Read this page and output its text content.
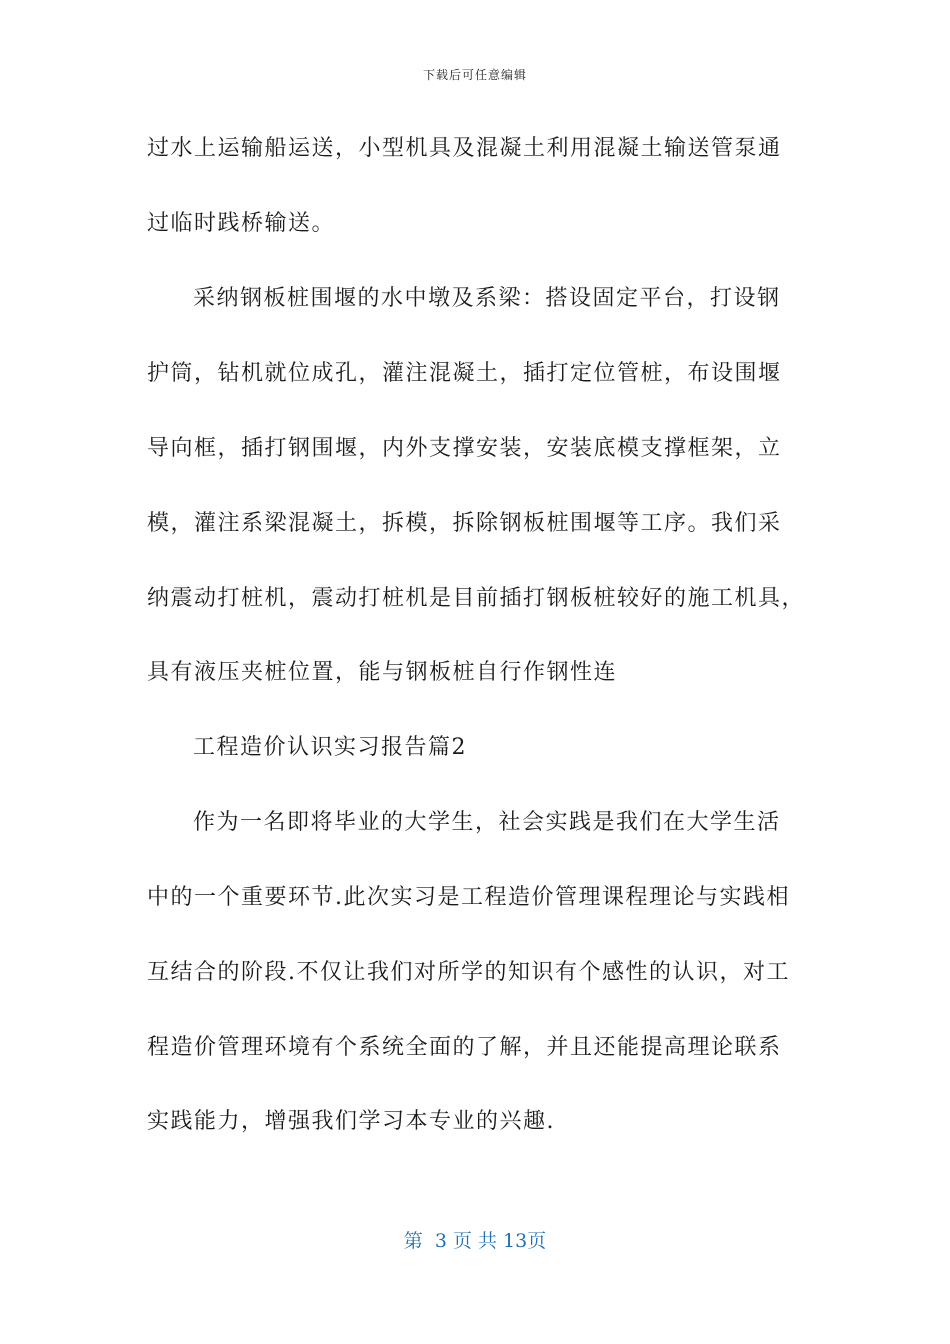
下载后可任意编辑
过水上运输船运送，小型机具及混凝土利用混凝土输送管泵通
过临时践桥输送。
采纳钢板桩围堰的水中墩及系梁：搭设固定平台，打设钢
护筒，钻机就位成孔，灌注混凝土，插打定位管桩，布设围堰
导向框，插打钢围堰，内外支撑安装，安装底模支撑框架，立
模，灌注系梁混凝土，拆模，拆除钢板桩围堰等工序。我们采
纳震动打桩机，震动打桩机是目前插打钢板桩较好的施工机具，
具有液压夹桩位置，能与钢板桩自行作钢性连
工程造价认识实习报告篇2
作为一名即将毕业的大学生，社会实践是我们在大学生活
中的一个重要环节.此次实习是工程造价管理课程理论与实践相
互结合的阶段.不仅让我们对所学的知识有个感性的认识，对工
程造价管理环境有个系统全面的了解，并且还能提高理论联系
实践能力，增强我们学习本专业的兴趣.
第  3 页 共 13页
